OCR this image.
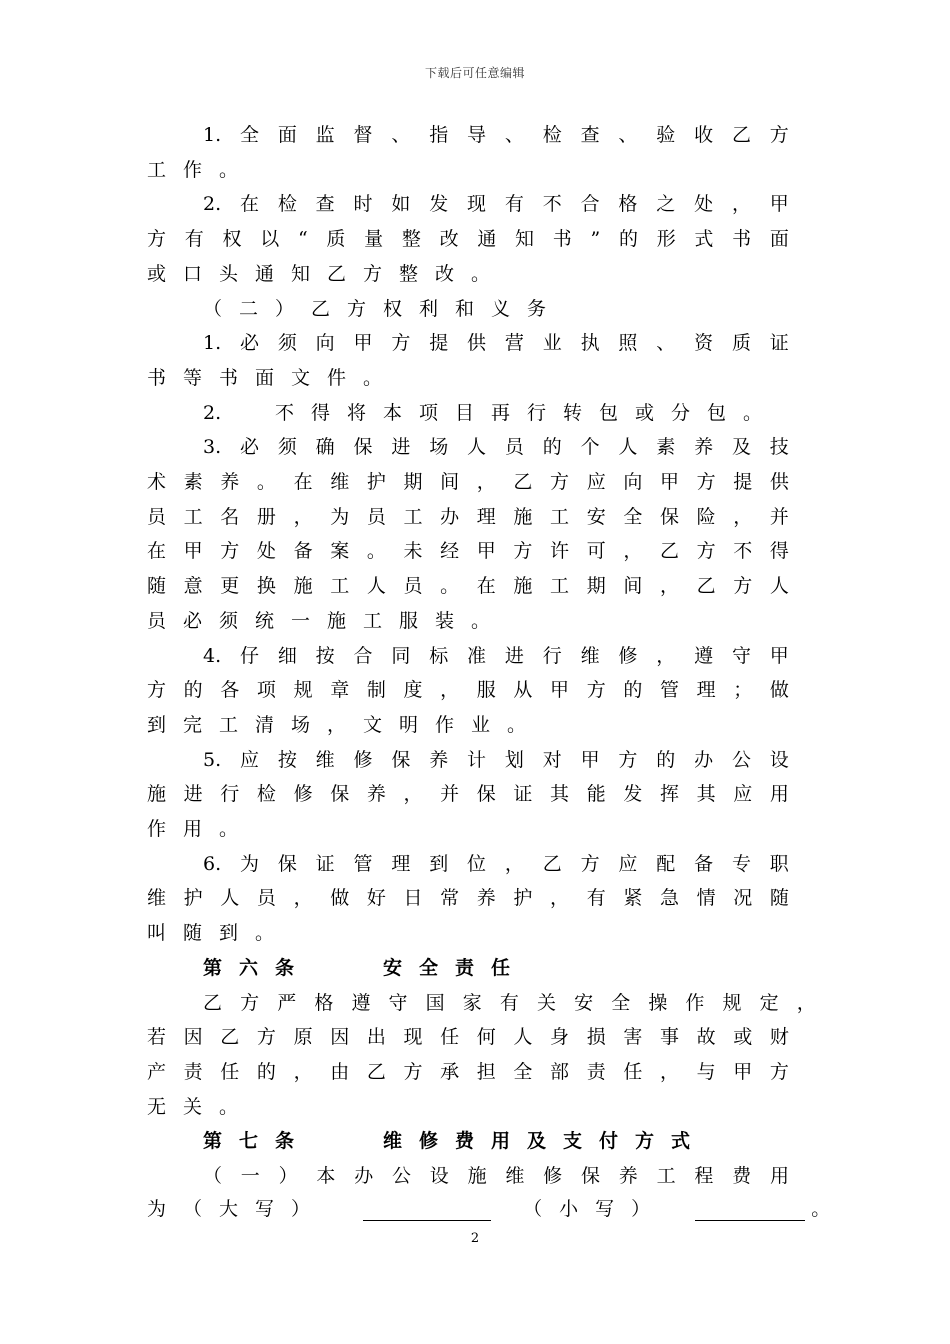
下载后可任意编辑
1. 全 面 监 督 、 指 导 、 检 查 、 验 收 乙 方
工 作 。
2. 在 检 查 时 如 发 现 有 不 合 格 之 处 ， 甲
方 有 权 以 “ 质 量 整 改 通 知 书 ” 的 形 式 书 面
或 口 头 通 知 乙 方 整 改 。
（ 二 ） 乙 方 权 利 和 义 务
1. 必 须 向 甲 方 提 供 营 业 执 照 、 资 质 证
书 等 书 面 文 件 。
2.
	不 得 将 本 项 目 再 行 转 包 或 分 包 。
3. 必 须 确 保 进 场 人 员 的 个 人 素 养 及 技
术 素 养 。 在 维 护 期 间 ， 乙 方 应 向 甲 方 提 供
员 工 名 册 ， 为 员 工 办 理 施 工 安 全 保 险 ， 并
在 甲 方 处 备 案 。 未 经 甲 方 许 可 ， 乙 方 不 得
随 意 更 换 施 工 人 员 。 在 施 工 期 间 ， 乙 方 人
员 必 须 统 一 施 工 服 装 。
4. 仔 细 按 合 同 标 准 进 行 维 修 ， 遵 守 甲
方 的 各 项 规 章 制 度 ， 服 从 甲 方 的 管 理 ； 做
到 完 工 清 场 ， 文 明 作 业 。
5. 应 按 维 修 保 养 计 划 对 甲 方 的 办 公 设
施 进 行 检 修 保 养 ， 并 保 证 其 能 发 挥 其 应 用
作 用 。
6. 为 保 证 管 理 到 位 ， 乙 方 应 配 备 专 职
维 护 人 员 ， 做 好 日 常 养 护 ， 有 紧 急 情 况 随
叫 随 到 。
第 六 条

	安 全 责 任
乙 方 严 格 遵 守 国 家 有 关 安 全 操 作 规 定 ，
若 因 乙 方 原 因 出 现 任 何 人 身 损 害 事 故 或 财
产 责 任 的 ， 由 乙 方 承 担 全 部 责 任 ， 与 甲 方
无 关 。
第 七 条

	维 修 费 用 及 支 付 方 式
（ 一 ） 本 办 公 设 施 维 修 保 养 工 程 费 用
为 （ 大 写 ）	（ 小 写 ）	。
2
